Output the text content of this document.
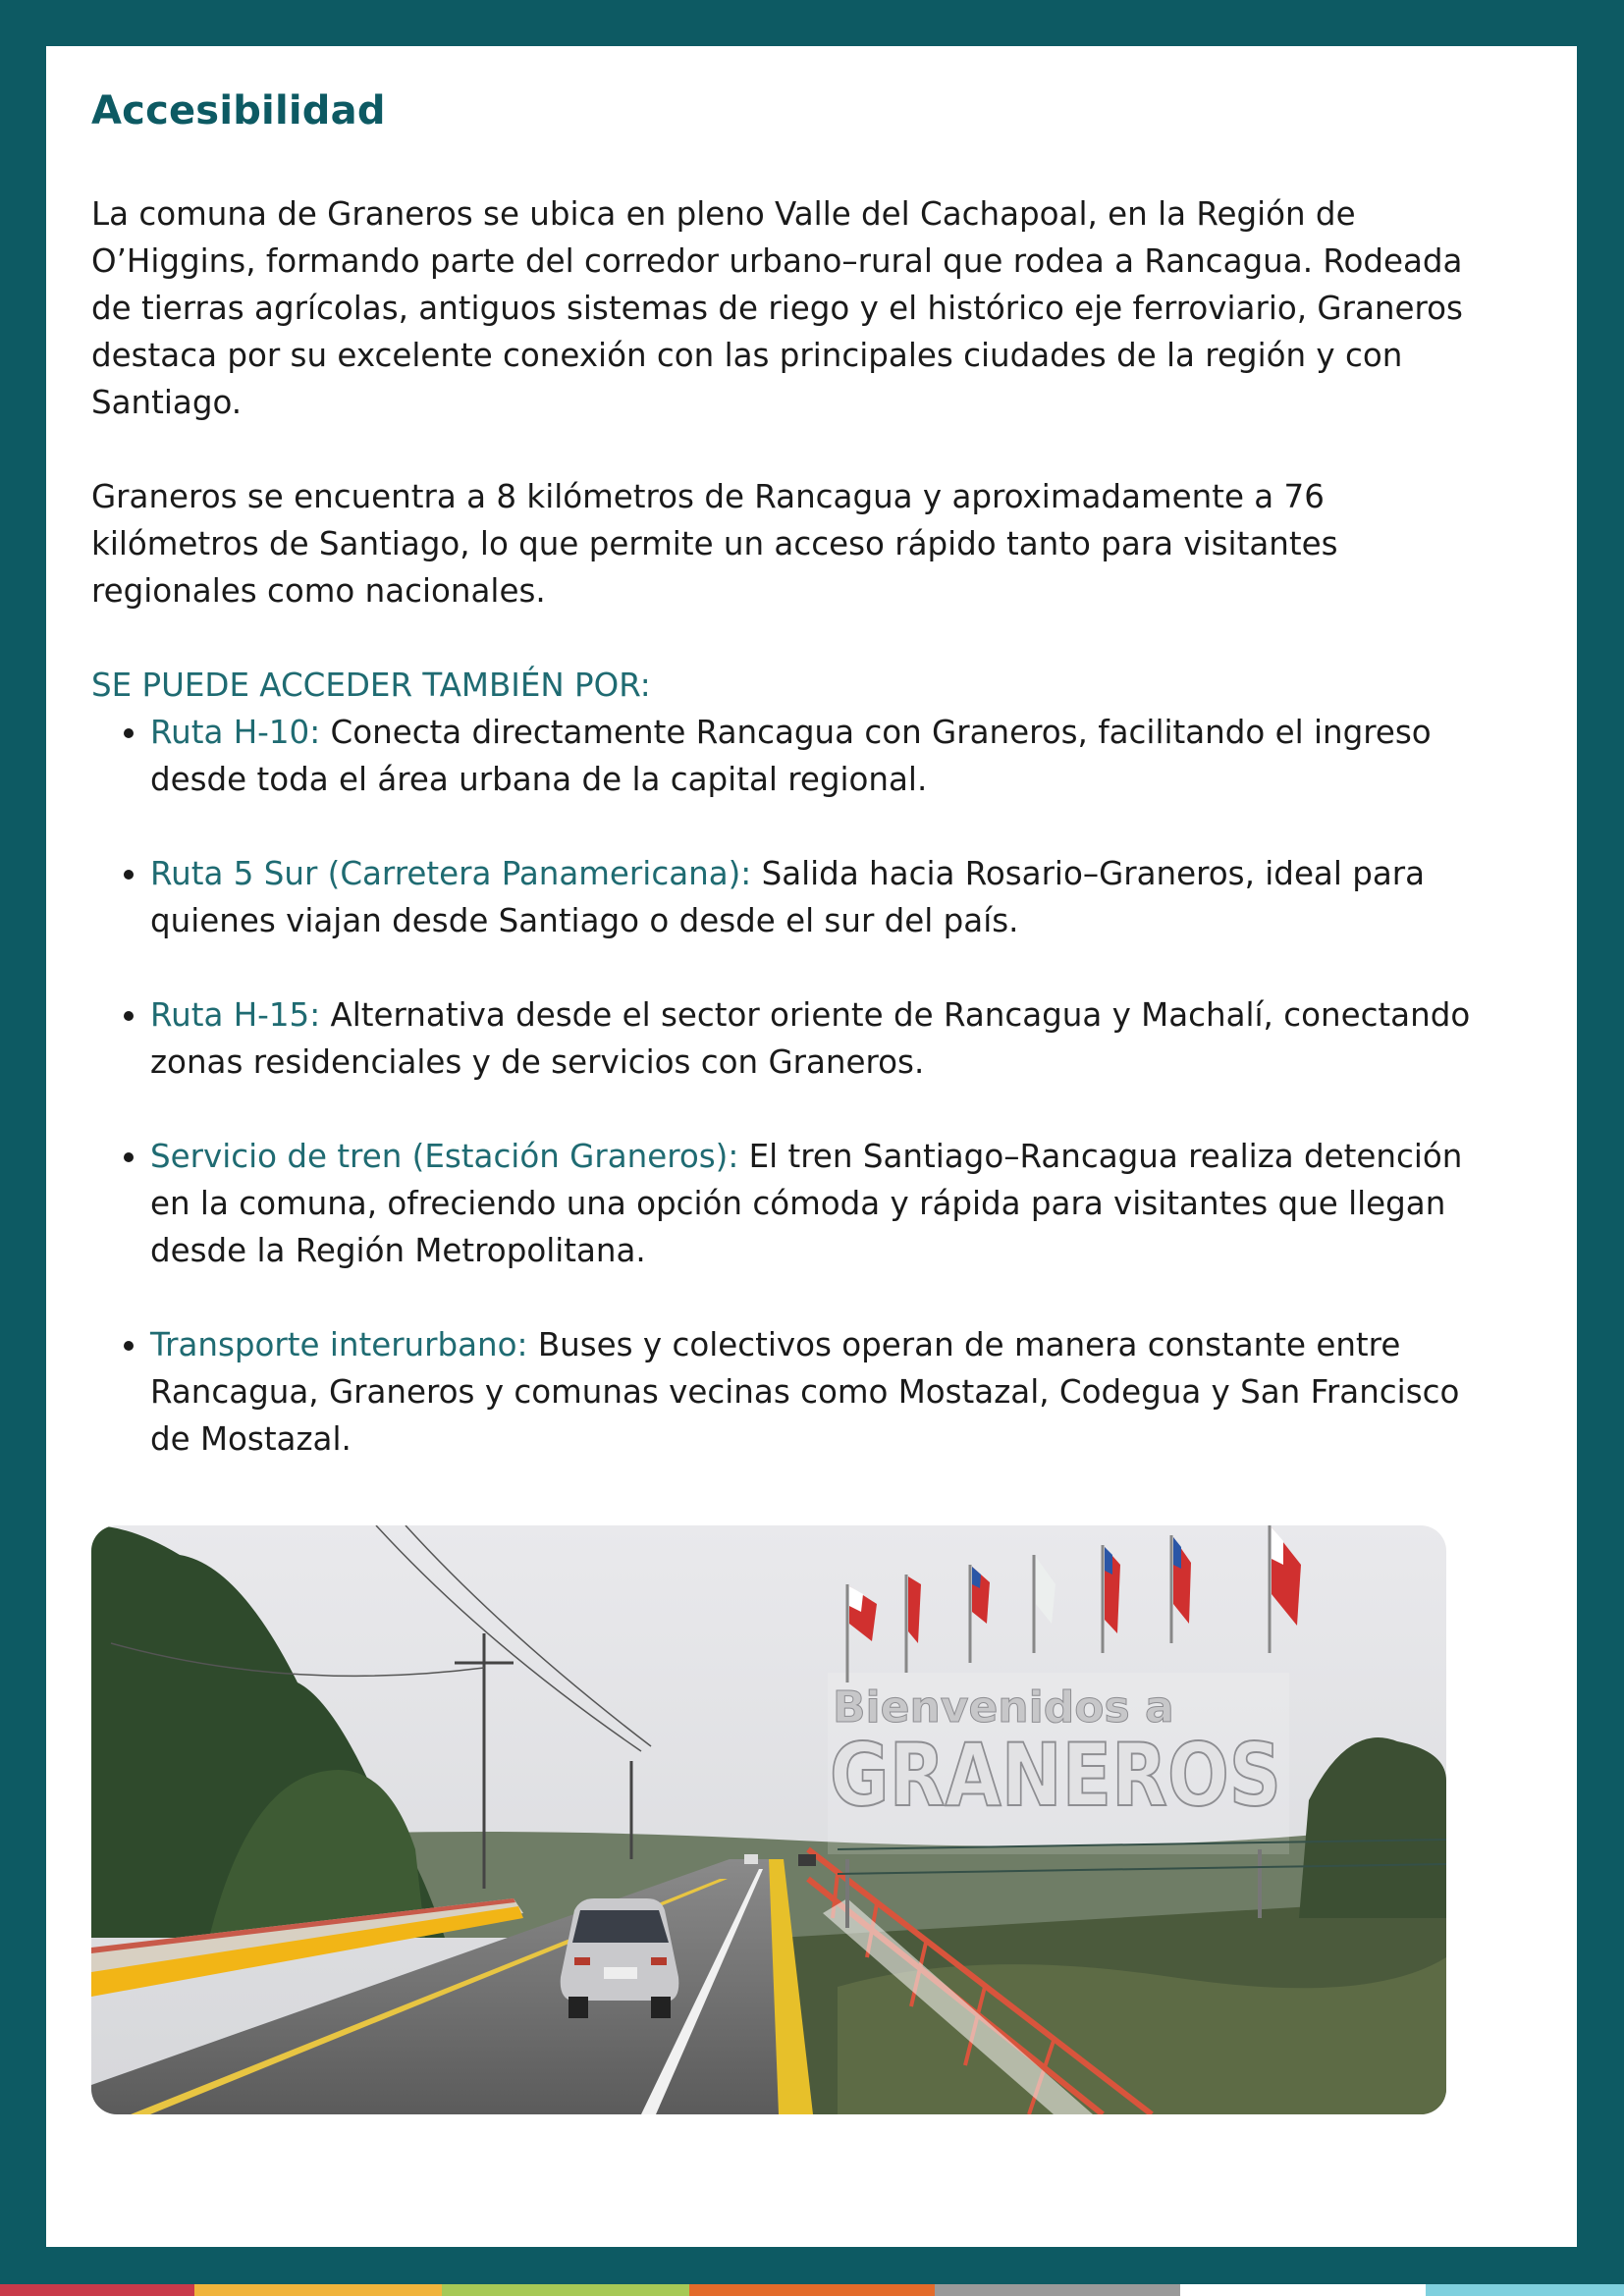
Accesibilidad

La comuna de Graneros se ubica en pleno Valle del Cachapoal, en la Región de O’Higgins, formando parte del corredor urbano–rural que rodea a Rancagua. Rodeada de tierras agrícolas, antiguos sistemas de riego y el histórico eje ferroviario, Graneros destaca por su excelente conexión con las principales ciudades de la región y con Santiago.

Graneros se encuentra a 8 kilómetros de Rancagua y aproximadamente a 76 kilómetros de Santiago, lo que permite un acceso rápido tanto para visitantes regionales como nacionales.

SE PUEDE ACCEDER TAMBIÉN POR:
• Ruta H-10: Conecta directamente Rancagua con Graneros, facilitando el ingreso desde toda el área urbana de la capital regional.
• Ruta 5 Sur (Carretera Panamericana): Salida hacia Rosario–Graneros, ideal para quienes viajan desde Santiago o desde el sur del país.
• Ruta H-15: Alternativa desde el sector oriente de Rancagua y Machalí, conectando zonas residenciales y de servicios con Graneros.
• Servicio de tren (Estación Graneros): El tren Santiago–Rancagua realiza detención en la comuna, ofreciendo una opción cómoda y rápida para visitantes que llegan desde la Región Metropolitana.
• Transporte interurbano: Buses y colectivos operan de manera constante entre Rancagua, Graneros y comunas vecinas como Mostazal, Codegua y San Francisco de Mostazal.
Bienvenidos a
GRANEROS
